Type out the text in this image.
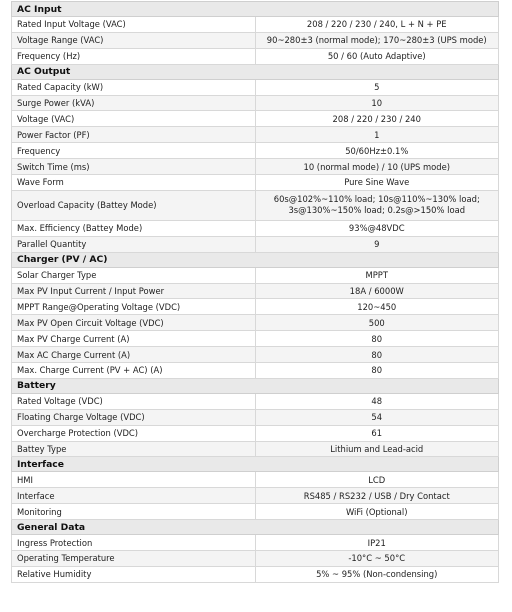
AC Input	
Rated Input Voltage (VAC)	208 / 220 / 230 / 240, L + N + PE
Voltage Range (VAC)	90~280±3 (normal mode); 170~280±3 (UPS mode)
Frequency (Hz)	50 / 60 (Auto Adaptive)
AC Output	
Rated Capacity (kW)	5
Surge Power (kVA)	10
Voltage (VAC)	208 / 220 / 230 / 240
Power Factor (PF)	1
Frequency	50/60Hz±0.1%
Switch Time (ms)	10 (normal mode) / 10 (UPS mode)
Wave Form	Pure Sine Wave
Overload Capacity (Battey Mode)	60s@102%~110% load; 10s@110%~130% load;
3s@130%~150% load; 0.2s@>150% load

Max. Efficiency (Battey Mode)	93%@48VDC
Parallel Quantity	9
Charger (PV / AC)	
Solar Charger Type	MPPT
Max PV Input Current / Input Power	18A / 6000W
MPPT Range@Operating Voltage (VDC)	120~450
Max PV Open Circuit Voltage (VDC)	500
Max PV Charge Current (A)	80
Max AC Charge Current (A)	80
Max. Charge Current (PV + AC) (A)	80
Battery	
Rated Voltage (VDC)	48
Floating Charge Voltage (VDC)	54
Overcharge Protection (VDC)	61
Battey Type	Lithium and Lead-acid
Interface	
HMI	LCD
Interface	RS485 / RS232 / USB / Dry Contact
Monitoring	WiFi (Optional)
General Data	
Ingress Protection	IP21
Operating Temperature	-10°C ~ 50°C
Relative Humidity	5% ~ 95% (Non-condensing)
